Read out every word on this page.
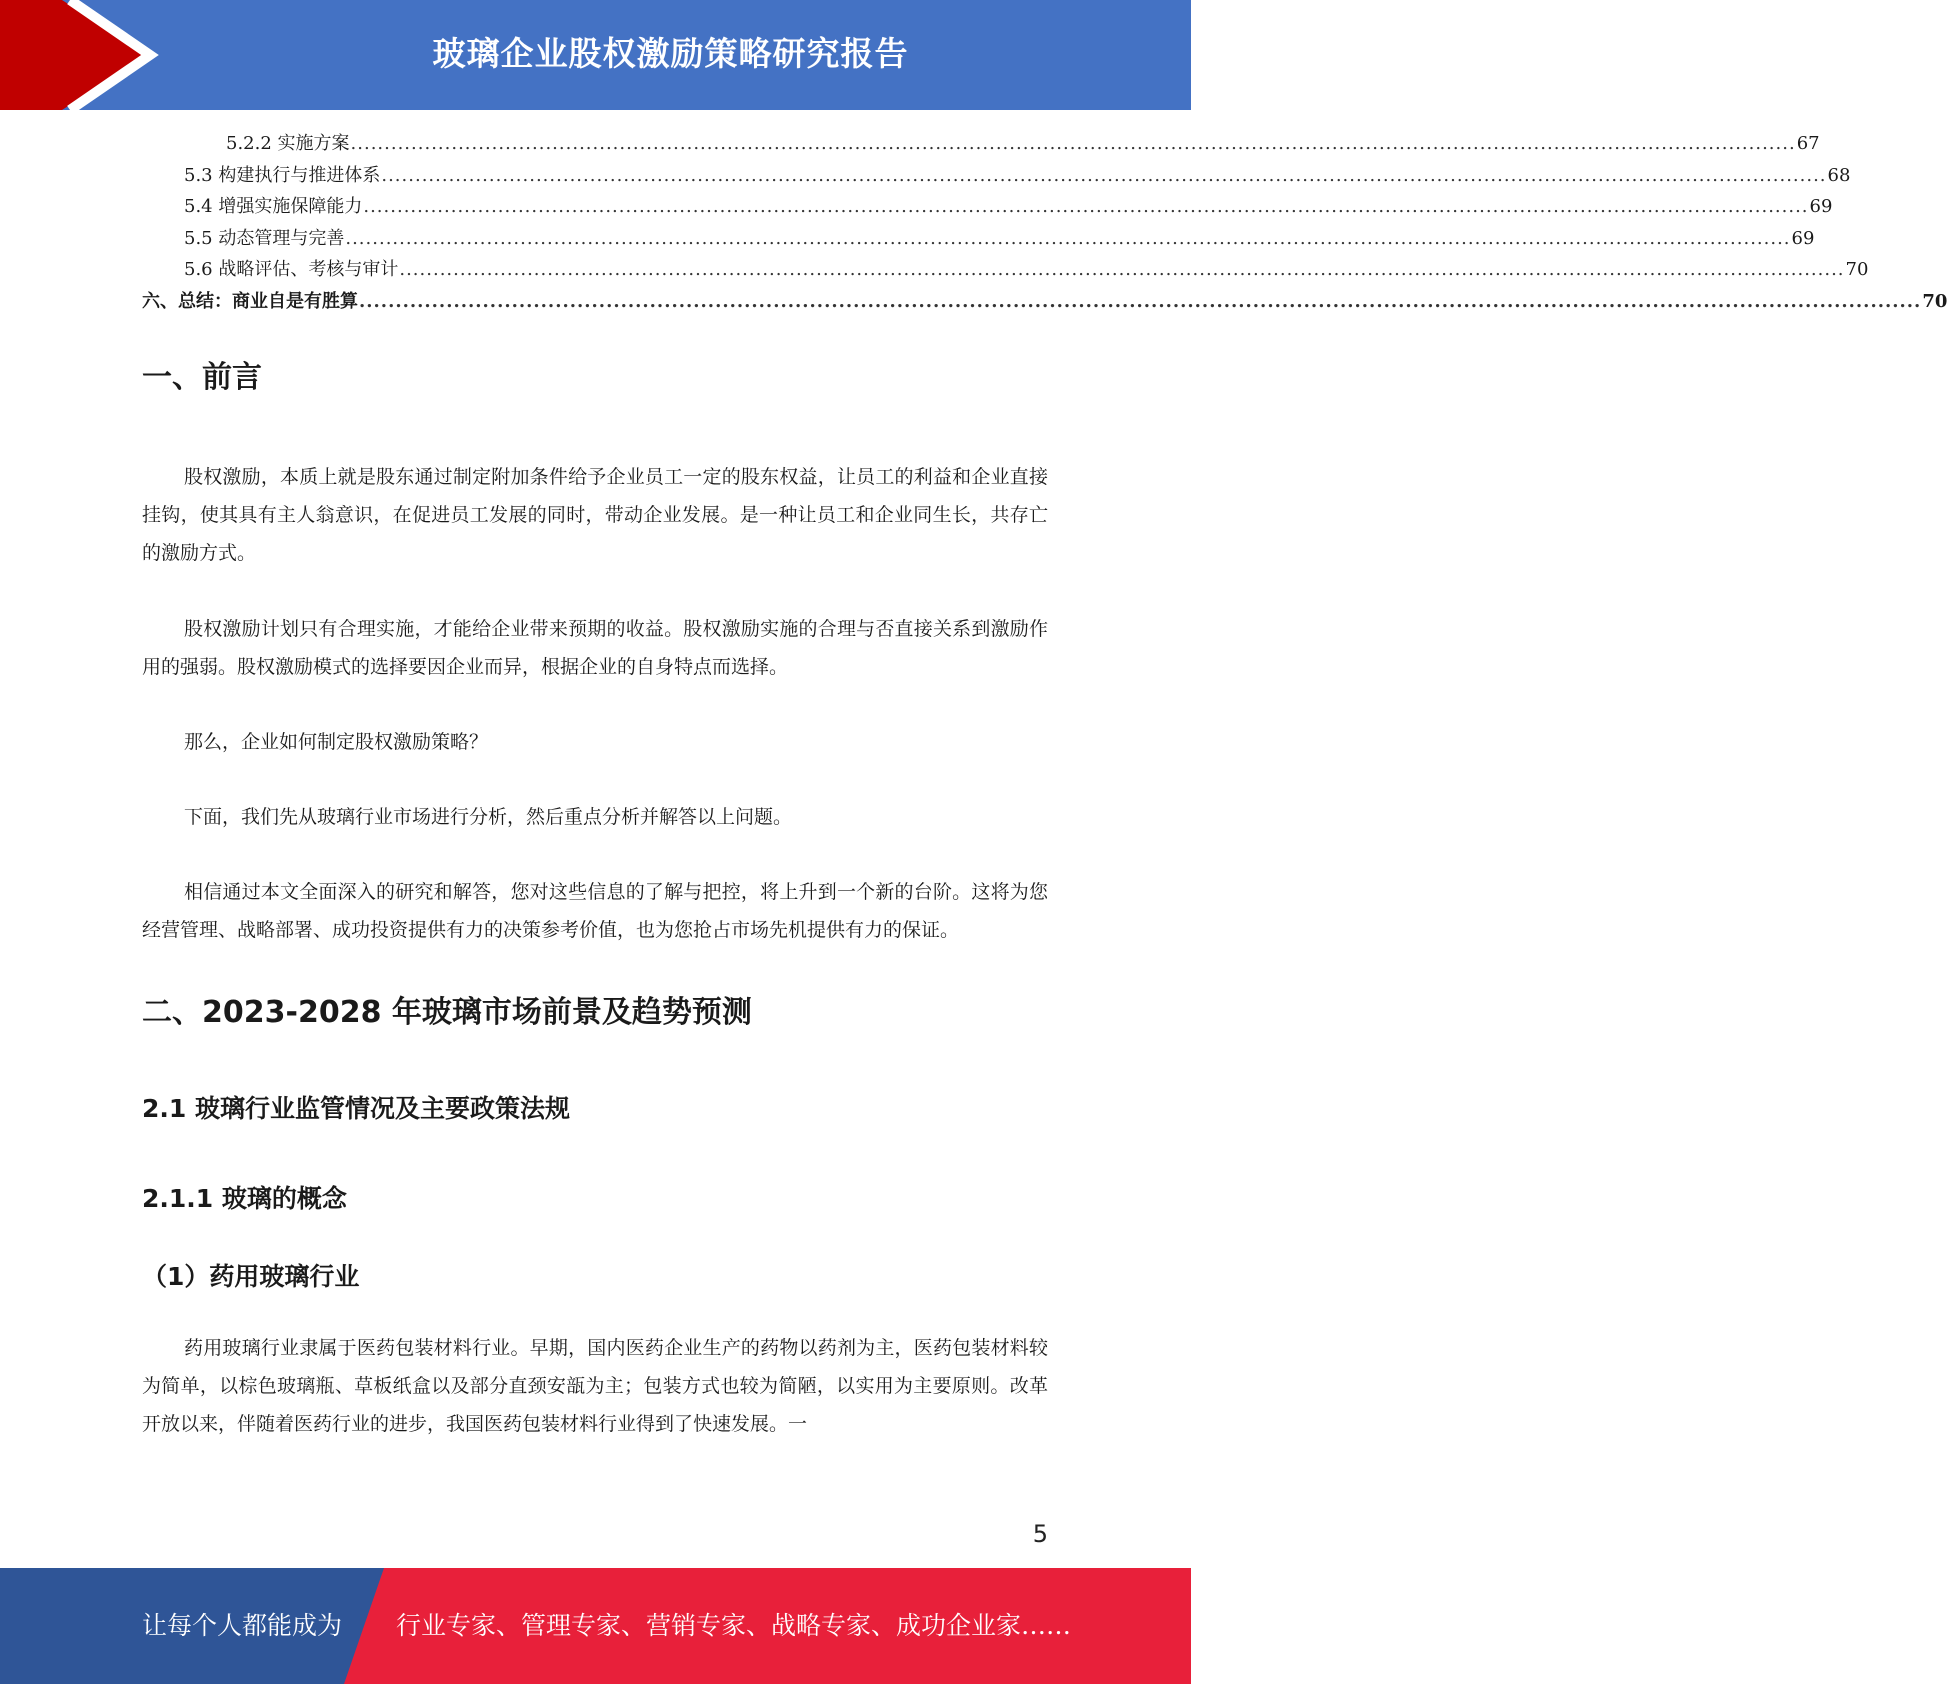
玻璃企业股权激励策略研究报告
5.2.2 实施方案 ....................................................................................................................................................................................................................... 67
5.3 构建执行与推进体系 ....................................................................................................................................................................................................................... 68
5.4 增强实施保障能力 ....................................................................................................................................................................................................................... 69
5.5 动态管理与完善 ....................................................................................................................................................................................................................... 69
5.6 战略评估、考核与审计 ....................................................................................................................................................................................................................... 70
六、总结：商业自是有胜算 ....................................................................................................................................................................................................................... 70
一、前言

股权激励，本质上就是股东通过制定附加条件给予企业员工一定的股东权益，让员工的利益和企业直接挂钩，使其具有主人翁意识，在促进员工发展的同时，带动企业发展。是一种让员工和企业同生长，共存亡的激励方式。

股权激励计划只有合理实施，才能给企业带来预期的收益。股权激励实施的合理与否直接关系到激励作用的强弱。股权激励模式的选择要因企业而异，根据企业的自身特点而选择。

那么，企业如何制定股权激励策略？

下面，我们先从玻璃行业市场进行分析，然后重点分析并解答以上问题。

相信通过本文全面深入的研究和解答，您对这些信息的了解与把控，将上升到一个新的台阶。这将为您经营管理、战略部署、成功投资提供有力的决策参考价值，也为您抢占市场先机提供有力的保证。

二、2023-2028 年玻璃市场前景及趋势预测
2.1 玻璃行业监管情况及主要政策法规
2.1.1 玻璃的概念
（1）药用玻璃行业

药用玻璃行业隶属于医药包装材料行业。早期，国内医药企业生产的药物以药剂为主，医药包装材料较为简单，以棕色玻璃瓶、草板纸盒以及部分直颈安瓿为主；包装方式也较为简陋，以实用为主要原则。改革开放以来，伴随着医药行业的进步，我国医药包装材料行业得到了快速发展。一

5
让每个人都能成为 行业专家、管理专家、营销专家、战略专家、成功企业家……
